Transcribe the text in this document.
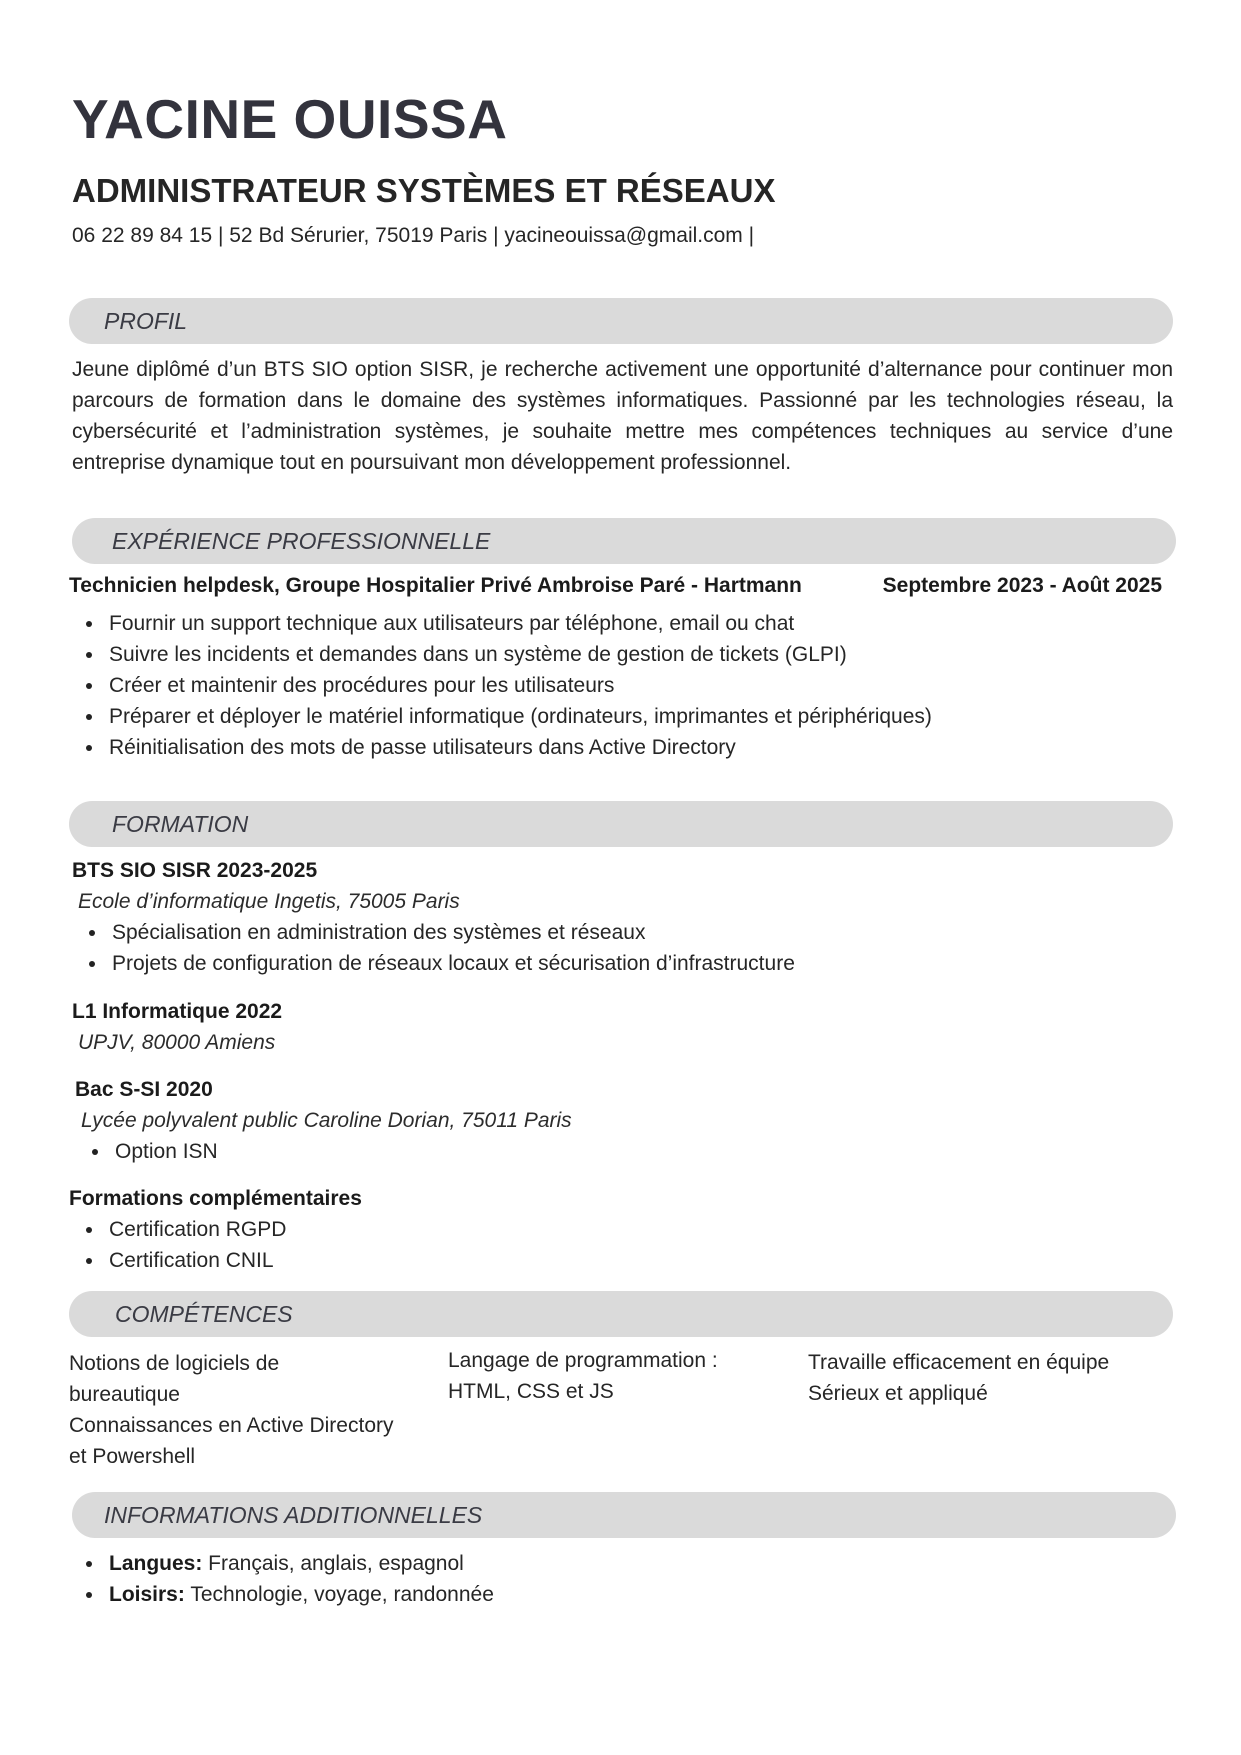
YACINE OUISSA
ADMINISTRATEUR SYSTÈMES ET RÉSEAUX
06 22 89 84 15 | 52 Bd Sérurier, 75019 Paris | yacineouissa@gmail.com |
PROFIL
Jeune diplômé d’un BTS SIO option SISR, je recherche activement une opportunité d’alternance pour continuer mon parcours de formation dans le domaine des systèmes informatiques. Passionné par les technologies réseau, la cybersécurité et l’administration systèmes, je souhaite mettre mes compétences techniques au service d’une entreprise dynamique tout en poursuivant mon développement professionnel.
EXPÉRIENCE PROFESSIONNELLE
Technicien helpdesk, Groupe Hospitalier Privé Ambroise Paré - Hartmann	Septembre 2023 - Août 2025
Fournir un support technique aux utilisateurs par téléphone, email ou chat
Suivre les incidents et demandes dans un système de gestion de tickets (GLPI)
Créer et maintenir des procédures pour les utilisateurs
Préparer et déployer le matériel informatique (ordinateurs, imprimantes et périphériques)
Réinitialisation des mots de passe utilisateurs dans Active Directory
FORMATION
BTS SIO SISR 2023-2025
Ecole d’informatique Ingetis, 75005 Paris
Spécialisation en administration des systèmes et réseaux
Projets de configuration de réseaux locaux et sécurisation d’infrastructure
L1 Informatique 2022
UPJV, 80000 Amiens
Bac S-SI 2020
Lycée polyvalent public Caroline Dorian, 75011 Paris
Option ISN
Formations complémentaires
Certification RGPD
Certification CNIL
COMPÉTENCES
Notions de logiciels de
bureautique
Connaissances en Active Directory
et Powershell
Langage de programmation :
HTML, CSS et JS
Travaille efficacement en équipe
Sérieux et appliqué
INFORMATIONS ADDITIONNELLES
Langues: Français, anglais, espagnol
Loisirs: Technologie, voyage, randonnée
